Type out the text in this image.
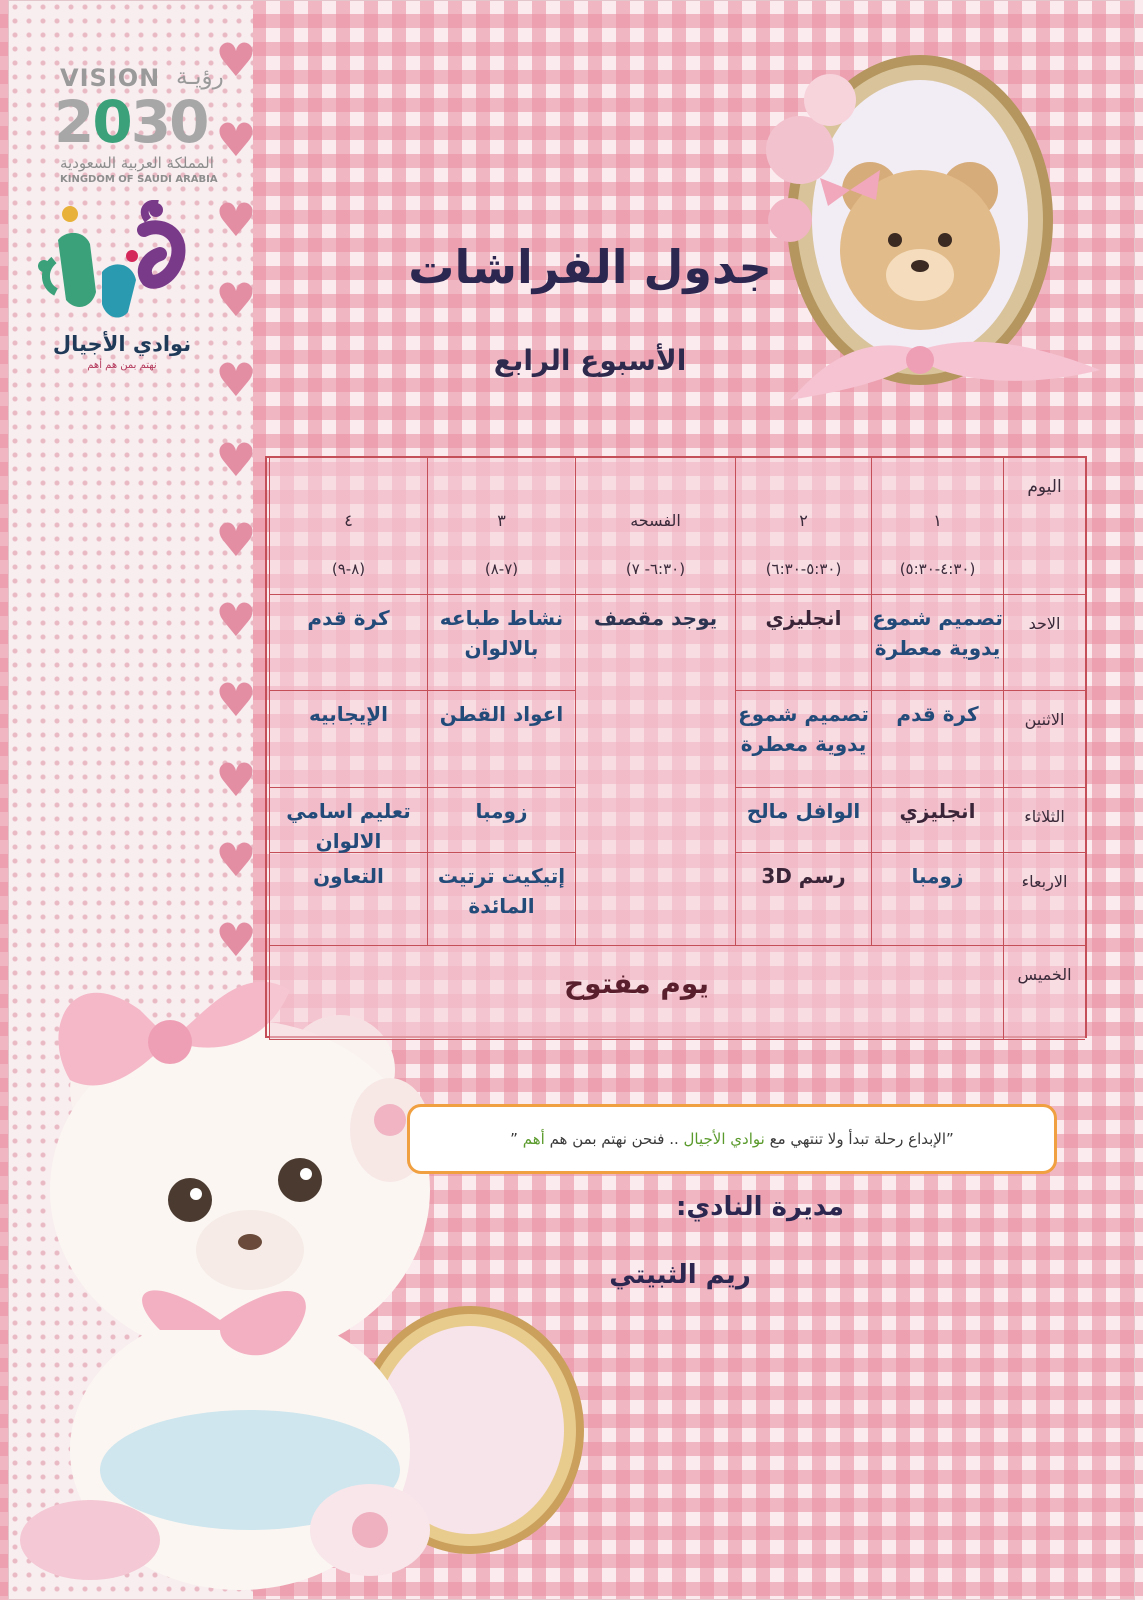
♥
♥
♥
♥
♥
♥
♥
♥
♥
♥
♥
♥
VISION رؤيـة
2030
المملكة العربية السعودية
KINGDOM OF SAUDI ARABIA
نوادي الأجيال
نهتم بمن هم أهم
جدول الفراشات
الأسبوع الرابع
اليوم
١
(٤:٣٠-٥:٣٠)
٢
(٥:٣٠-٦:٣٠)
الفسحه
(٦:٣٠- ٧)
٣
(٧-٨)
٤
(٨-٩)
الاحد
تصميم شموع يدوية معطرة
انجليزي
نشاط طباعه بالالوان
كرة قدم
الاثنين
كرة قدم
تصميم شموع يدوية معطرة
اعواد القطن
الإيجابيه
الثلاثاء
انجليزي
الوافل مالح
زومبا
تعليم اسامي الالوان
الاربعاء
زومبا
رسم 3D
إتيكيت ترتيت المائدة
التعاون
يوجد مقصف
الخميس
يوم مفتوح
”الإبداع رحلة تبدأ ولا تنتهي مع نوادي الأجيال .. فنحن نهتم بمن هم أهم ”
مديرة النادي:
ريم الثبيتي
